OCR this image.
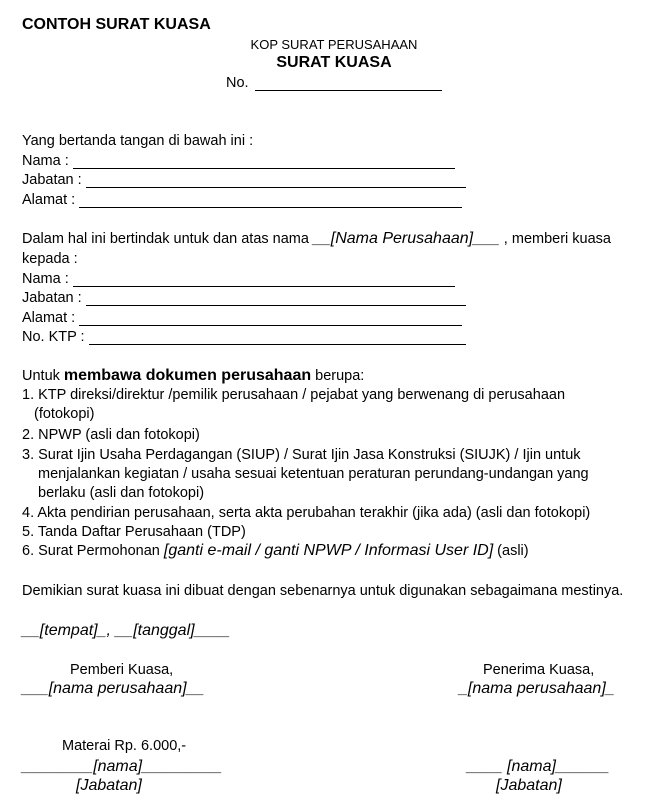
CONTOH SURAT KUASA
KOP SURAT PERUSAHAAN
SURAT KUASA
No.
Yang bertanda tangan di bawah ini :
Nama :
Jabatan :
Alamat :
Dalam hal ini bertindak untuk dan atas nama __[Nama Perusahaan]___ , memberi kuasa
kepada :
Nama :
Jabatan :
Alamat :
No. KTP :
Untuk membawa dokumen perusahaan berupa:
1. KTP direksi/direktur /pemilik perusahaan / pejabat yang berwenang di perusahaan
(fotokopi)
2. NPWP (asli dan fotokopi)
3. Surat Ijin Usaha Perdagangan (SIUP) / Surat Ijin Jasa Konstruksi (SIUJK) / Ijin untuk
menjalankan kegiatan / usaha sesuai ketentuan peraturan perundang-undangan yang
berlaku (asli dan fotokopi)
4. Akta pendirian perusahaan, serta akta perubahan terakhir (jika ada) (asli dan fotokopi)
5. Tanda Daftar Perusahaan (TDP)
6. Surat Permohonan [ganti e-mail / ganti NPWP / Informasi User ID] (asli)
Demikian surat kuasa ini dibuat dengan sebenarnya untuk digunakan sebagaimana mestinya.
__[tempat]_, __[tanggal]____
Pemberi Kuasa,
___[nama perusahaan]__
Materai Rp. 6.000,-
________[nama]_________
[Jabatan]
Penerima Kuasa,
_[nama perusahaan]_
____ [nama]______
[Jabatan]
